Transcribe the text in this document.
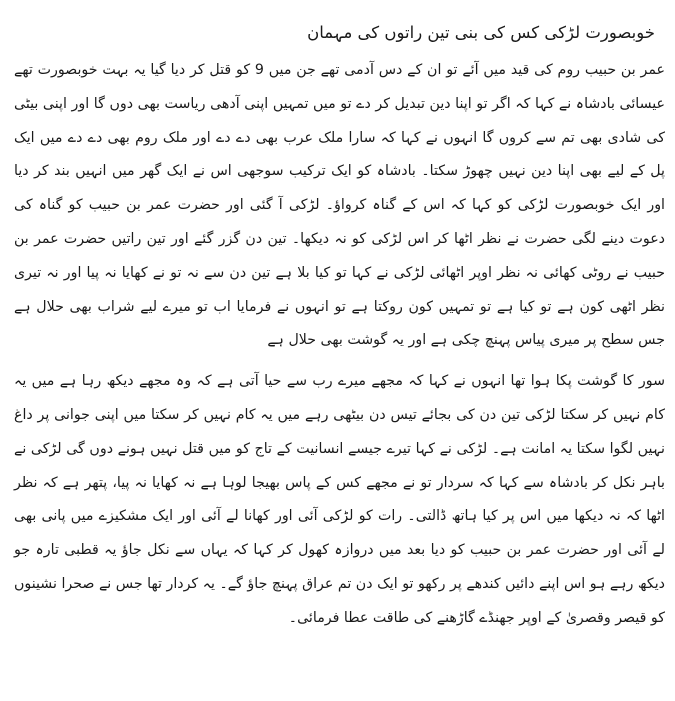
خوبصورت لڑکی کس کی بنی تین راتوں کی مہمان

عمر بن حبیب روم کی قید میں آئے تو ان کے دس آدمی تھے جن میں 9 کو قتل کر دیا گیا یہ بہت خوبصورت تھے عیسائی بادشاہ نے کہا کہ اگر تو اپنا دین تبدیل کر دے تو میں تمہیں اپنی آدھی ریاست بھی دوں گا اور اپنی بیٹی کی شادی بھی تم سے کروں گا انہوں نے کہا کہ سارا ملک عرب بھی دے دے اور ملک روم بھی دے دے میں ایک پل کے لیے بھی اپنا دین نہیں چھوڑ سکتا۔ بادشاہ کو ایک ترکیب سوجھی اس نے ایک گھر میں انہیں بند کر دیا اور ایک خوبصورت لڑکی کو کہا کہ اس کے گناہ کرواؤ۔ لڑکی آ گئی اور حضرت عمر بن حبیب کو گناہ کی دعوت دینے لگی حضرت نے نظر اٹھا کر اس لڑکی کو نہ دیکھا۔ تین دن گزر گئے اور تین راتیں حضرت عمر بن حبیب نے روٹی کھائی نہ نظر اوپر اٹھائی لڑکی نے کہا تو کیا بلا ہے تین دن سے نہ تو نے کھایا نہ پیا اور نہ تیری نظر اٹھی کون ہے تو کیا ہے تو تمہیں کون روکتا ہے تو انہوں نے فرمایا اب تو میرے لیے شراب بھی حلال ہے جس سطح پر میری پیاس پہنچ چکی ہے اور یہ گوشت بھی حلال ہے

سور کا گوشت پکا ہوا تھا انہوں نے کہا کہ مجھے میرے رب سے حیا آتی ہے کہ وہ مجھے دیکھ رہا ہے میں یہ کام نہیں کر سکتا لڑکی تین دن کی بجائے تیس دن بیٹھی رہے میں یہ کام نہیں کر سکتا میں اپنی جوانی پر داغ نہیں لگوا سکتا یہ امانت ہے۔ لڑکی نے کہا تیرے جیسے انسانیت کے تاج کو میں قتل نہیں ہونے دوں گی لڑکی نے باہر نکل کر بادشاہ سے کہا کہ سردار تو نے مجھے کس کے پاس بھیجا لوہا ہے نہ کھایا نہ پیا، پتھر ہے کہ نظر اٹھا کہ نہ دیکھا میں اس پر کیا ہاتھ ڈالتی۔ رات کو لڑکی آئی اور کھانا لے آئی اور ایک مشکیزے میں پانی بھی لے آئی اور حضرت عمر بن حبیب کو دیا بعد میں دروازہ کھول کر کہا کہ یہاں سے نکل جاؤ یہ قطبی تارہ جو دیکھ رہے ہو اس اپنے دائیں کندھے پر رکھو تو ایک دن تم عراق پہنچ جاؤ گے۔ یہ کردار تھا جس نے صحرا نشینوں کو قیصر وقصریٰ کے اوپر جھنڈے گاڑھنے کی طاقت عطا فرمائی۔
